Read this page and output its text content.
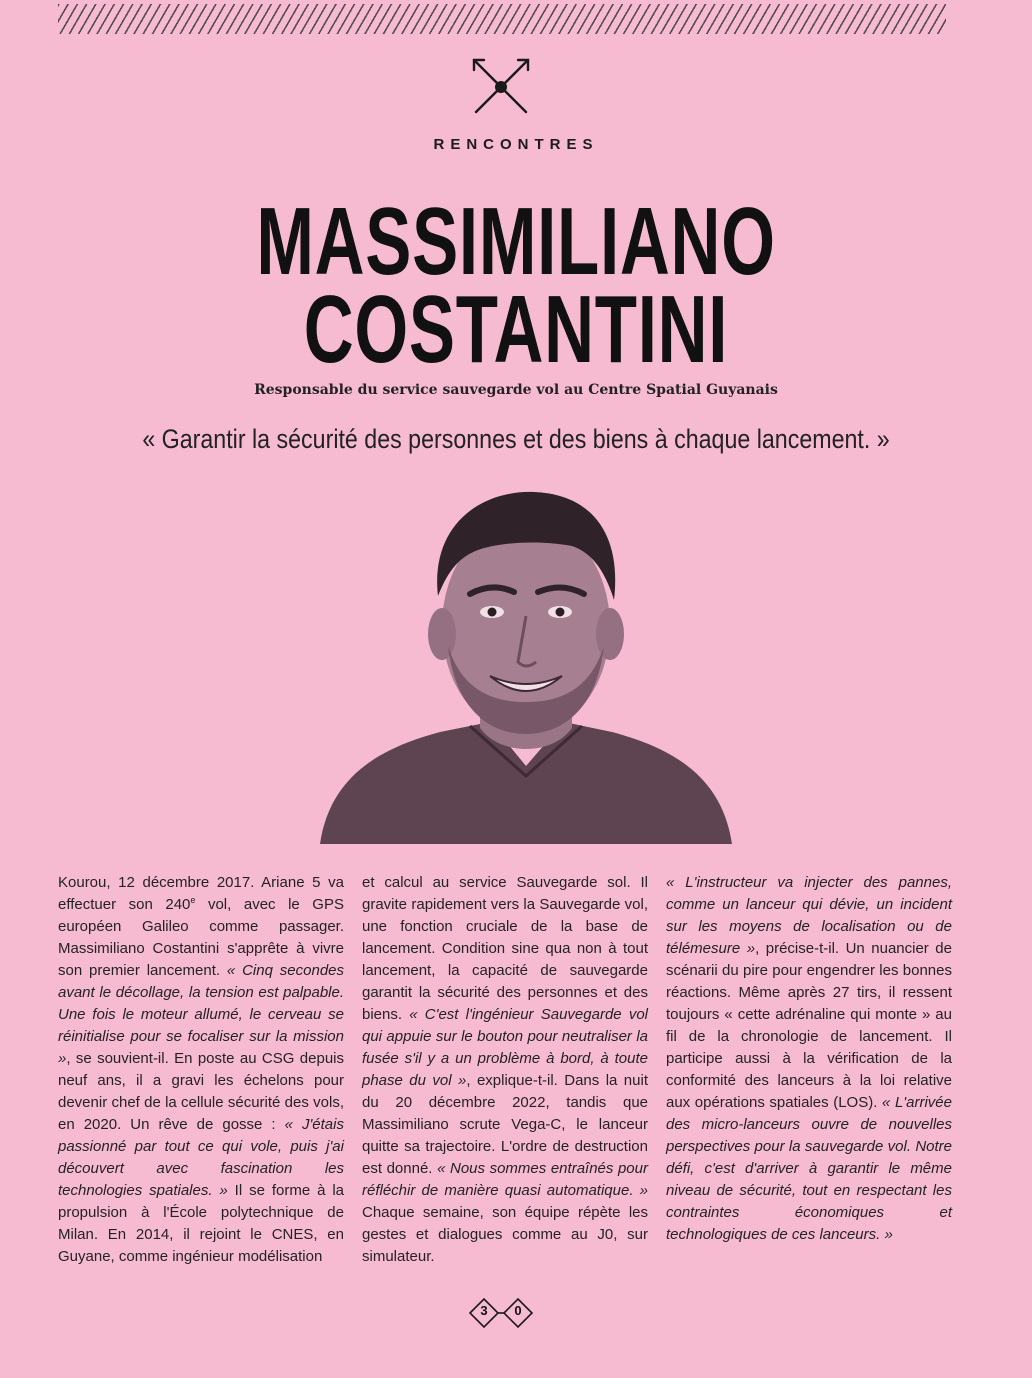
RENCONTRES
MASSIMILIANO
COSTANTINI
Responsable du service sauvegarde vol au Centre Spatial Guyanais
« Garantir la sécurité des personnes et des biens à chaque lancement. »
Kourou, 12 décembre 2017. Ariane 5 va effectuer son 240e vol, avec le GPS européen Galileo comme passager. Massimiliano Costantini s'apprête à vivre son premier lancement. « Cinq secondes avant le décollage, la tension est palpable. Une fois le moteur allumé, le cerveau se réinitialise pour se focaliser sur la mission », se souvient-il. En poste au CSG depuis neuf ans, il a gravi les échelons pour devenir chef de la cellule sécurité des vols, en 2020. Un rêve de gosse : « J'étais passionné par tout ce qui vole, puis j'ai découvert avec fascination les technologies spatiales. » Il se forme à la propulsion à l'École polytechnique de Milan. En 2014, il rejoint le CNES, en Guyane, comme ingénieur modélisation
et calcul au service Sauvegarde sol. Il gravite rapidement vers la Sauvegarde vol, une fonction cruciale de la base de lancement. Condition sine qua non à tout lancement, la capacité de sauvegarde garantit la sécurité des personnes et des biens. « C'est l'ingénieur Sauvegarde vol qui appuie sur le bouton pour neutraliser la fusée s'il y a un problème à bord, à toute phase du vol », explique-t-il. Dans la nuit du 20 décembre 2022, tandis que Massimiliano scrute Vega-C, le lanceur quitte sa trajectoire. L'ordre de destruction est donné. « Nous sommes entraînés pour réfléchir de manière quasi automatique. » Chaque semaine, son équipe répète les gestes et dialogues comme au J0, sur simulateur.
« L'instructeur va injecter des pannes, comme un lanceur qui dévie, un incident sur les moyens de localisation ou de télémesure », précise-t-il. Un nuancier de scénarii du pire pour engendrer les bonnes réactions. Même après 27 tirs, il ressent toujours « cette adrénaline qui monte » au fil de la chronologie de lancement. Il participe aussi à la vérification de la conformité des lanceurs à la loi relative aux opérations spatiales (LOS). « L'arrivée des micro-lanceurs ouvre de nouvelles perspectives pour la sauvegarde vol. Notre défi, c'est d'arriver à garantir le même niveau de sécurité, tout en respectant les contraintes économiques et technologiques de ces lanceurs. »
3	0
